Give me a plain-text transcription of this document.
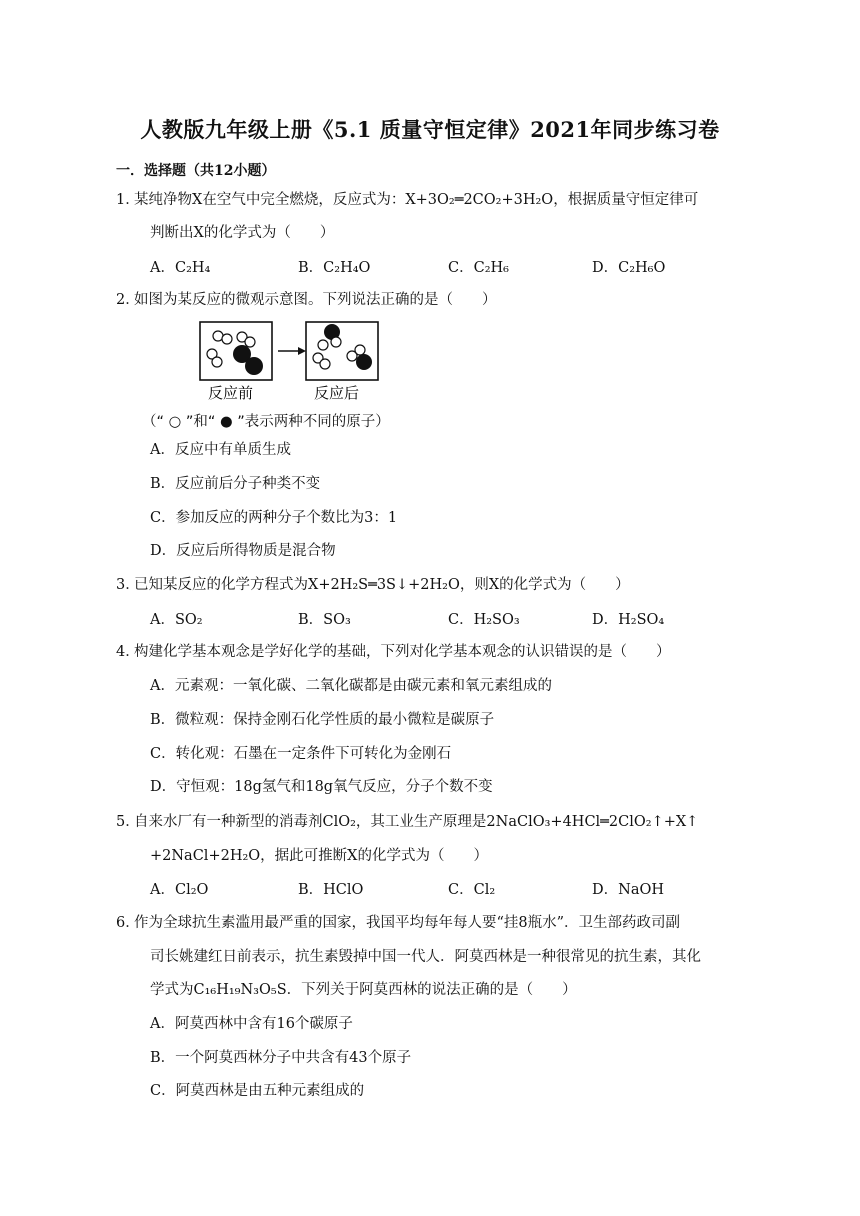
人教版九年级上册《5.1 质量守恒定律》2021年同步练习卷
一．选择题（共12小题）
1．某纯净物X在空气中完全燃烧，反应式为：X+3O₂═2CO₂+3H₂O，根据质量守恒定律可
判断出X的化学式为（　　）
A．C₂H₄	B．C₂H₄O	C．C₂H₆	D．C₂H₆O
2．如图为某反应的微观示意图。下列说法正确的是（　　）
反应前	反应后
（“ ○ ”和“ ● ”表示两种不同的原子）
A．反应中有单质生成
B．反应前后分子种类不变
C．参加反应的两种分子个数比为3：1
D．反应后所得物质是混合物
3．已知某反应的化学方程式为X+2H₂S═3S↓+2H₂O，则X的化学式为（　　）
A．SO₂	B．SO₃	C．H₂SO₃	D．H₂SO₄
4．构建化学基本观念是学好化学的基础，下列对化学基本观念的认识错误的是（　　）
A．元素观：一氧化碳、二氧化碳都是由碳元素和氧元素组成的
B．微粒观：保持金刚石化学性质的最小微粒是碳原子
C．转化观：石墨在一定条件下可转化为金刚石
D．守恒观：18g氢气和18g氧气反应，分子个数不变
5．自来水厂有一种新型的消毒剂ClO₂，其工业生产原理是2NaClO₃+4HCl═2ClO₂↑+X↑
+2NaCl+2H₂O，据此可推断X的化学式为（　　）
A．Cl₂O	B．HClO	C．Cl₂	D．NaOH
6．作为全球抗生素滥用最严重的国家，我国平均每年每人要“挂8瓶水”．卫生部药政司副
司长姚建红日前表示，抗生素毁掉中国一代人．阿莫西林是一种很常见的抗生素，其化
学式为C₁₆H₁₉N₃O₅S．下列关于阿莫西林的说法正确的是（　　）
A．阿莫西林中含有16个碳原子
B．一个阿莫西林分子中共含有43个原子
C．阿莫西林是由五种元素组成的
